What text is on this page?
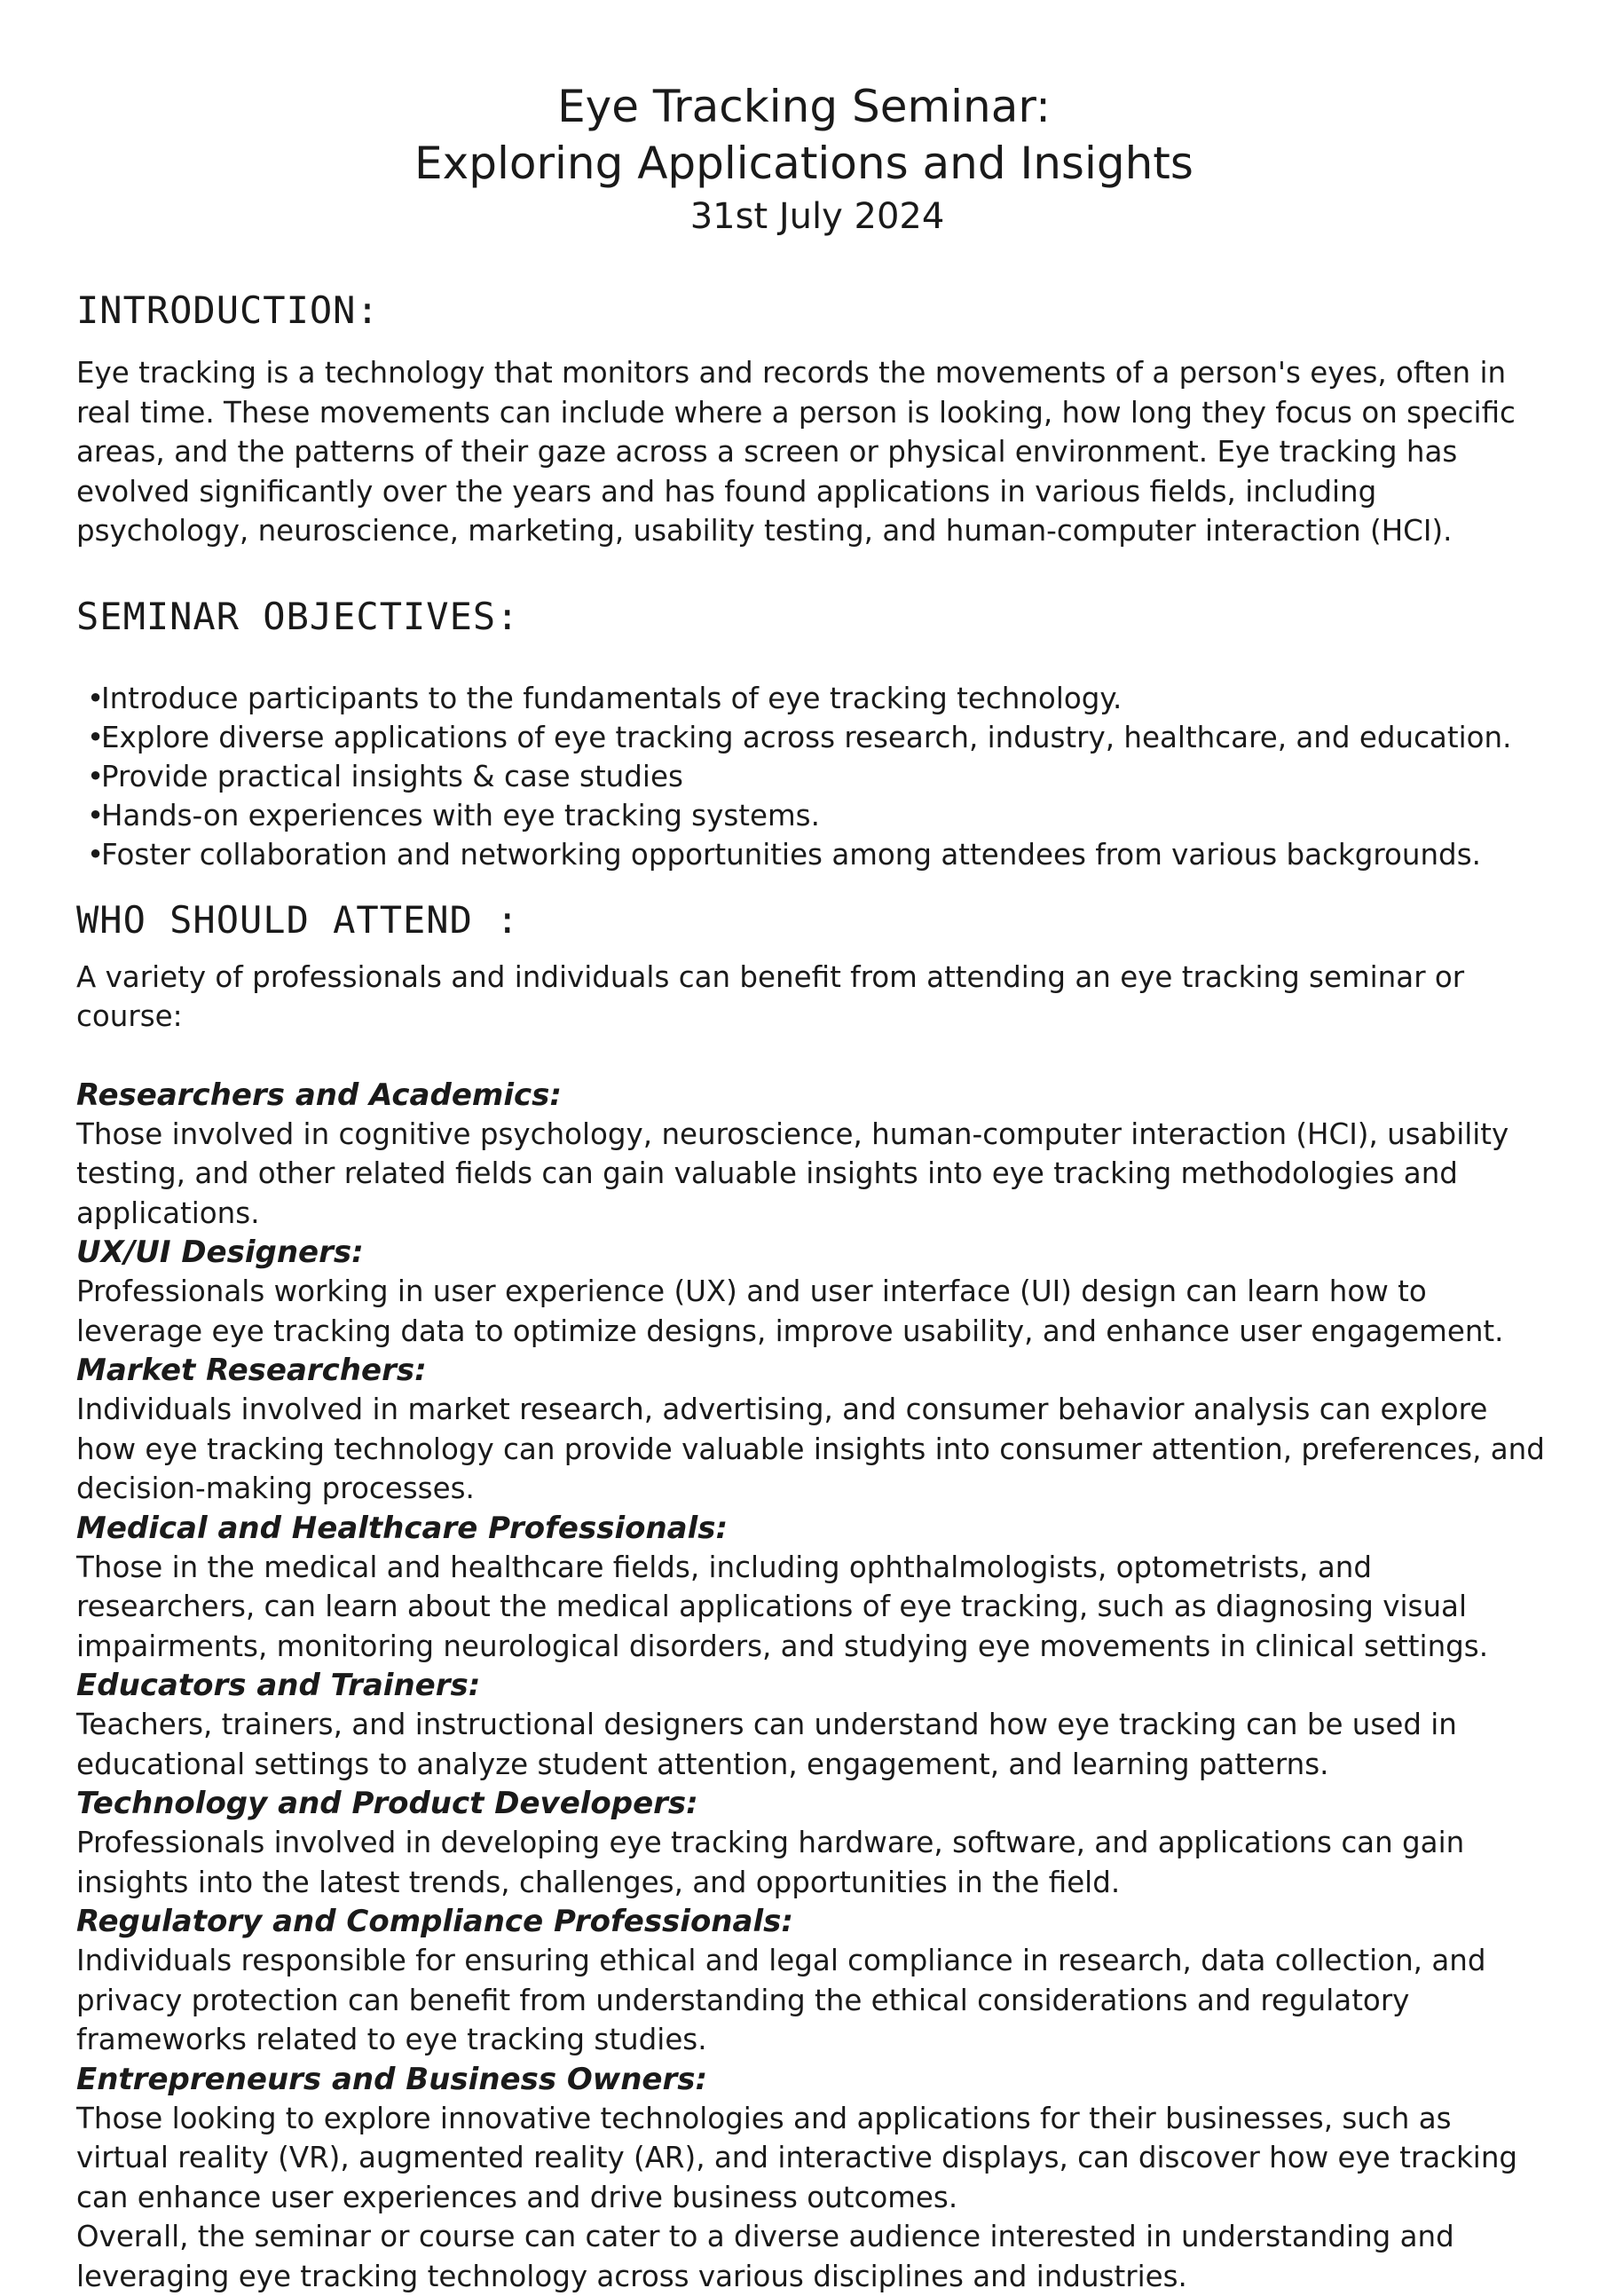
Eye Tracking Seminar:
Exploring Applications and Insights

31st July 2024

INTRODUCTION:

Eye tracking is a technology that monitors and records the movements of a person's eyes, often in real time. These movements can include where a person is looking, how long they focus on specific areas, and the patterns of their gaze across a screen or physical environment. Eye tracking has evolved significantly over the years and has found applications in various fields, including psychology, neuroscience, marketing, usability testing, and human-computer interaction (HCI).

SEMINAR OBJECTIVES:
•Introduce participants to the fundamentals of eye tracking technology.
•Explore diverse applications of eye tracking across research, industry, healthcare, and education.
•Provide practical insights & case studies
•Hands-on experiences with eye tracking systems.
•Foster collaboration and networking opportunities among attendees from various backgrounds.
WHO SHOULD ATTEND :

A variety of professionals and individuals can benefit from attending an eye tracking seminar or course:

Researchers and Academics:

Those involved in cognitive psychology, neuroscience, human-computer interaction (HCI), usability testing, and other related fields can gain valuable insights into eye tracking methodologies and applications.

UX/UI Designers:

Professionals working in user experience (UX) and user interface (UI) design can learn how to leverage eye tracking data to optimize designs, improve usability, and enhance user engagement.

Market Researchers:

Individuals involved in market research, advertising, and consumer behavior analysis can explore how eye tracking technology can provide valuable insights into consumer attention, preferences, and decision-making processes.

Medical and Healthcare Professionals:

Those in the medical and healthcare fields, including ophthalmologists, optometrists, and researchers, can learn about the medical applications of eye tracking, such as diagnosing visual impairments, monitoring neurological disorders, and studying eye movements in clinical settings.

Educators and Trainers:

Teachers, trainers, and instructional designers can understand how eye tracking can be used in educational settings to analyze student attention, engagement, and learning patterns.

Technology and Product Developers:

Professionals involved in developing eye tracking hardware, software, and applications can gain insights into the latest trends, challenges, and opportunities in the field.

Regulatory and Compliance Professionals:

Individuals responsible for ensuring ethical and legal compliance in research, data collection, and privacy protection can benefit from understanding the ethical considerations and regulatory frameworks related to eye tracking studies.

Entrepreneurs and Business Owners:

Those looking to explore innovative technologies and applications for their businesses, such as virtual reality (VR), augmented reality (AR), and interactive displays, can discover how eye tracking can enhance user experiences and drive business outcomes.

Overall, the seminar or course can cater to a diverse audience interested in understanding and leveraging eye tracking technology across various disciplines and industries.
